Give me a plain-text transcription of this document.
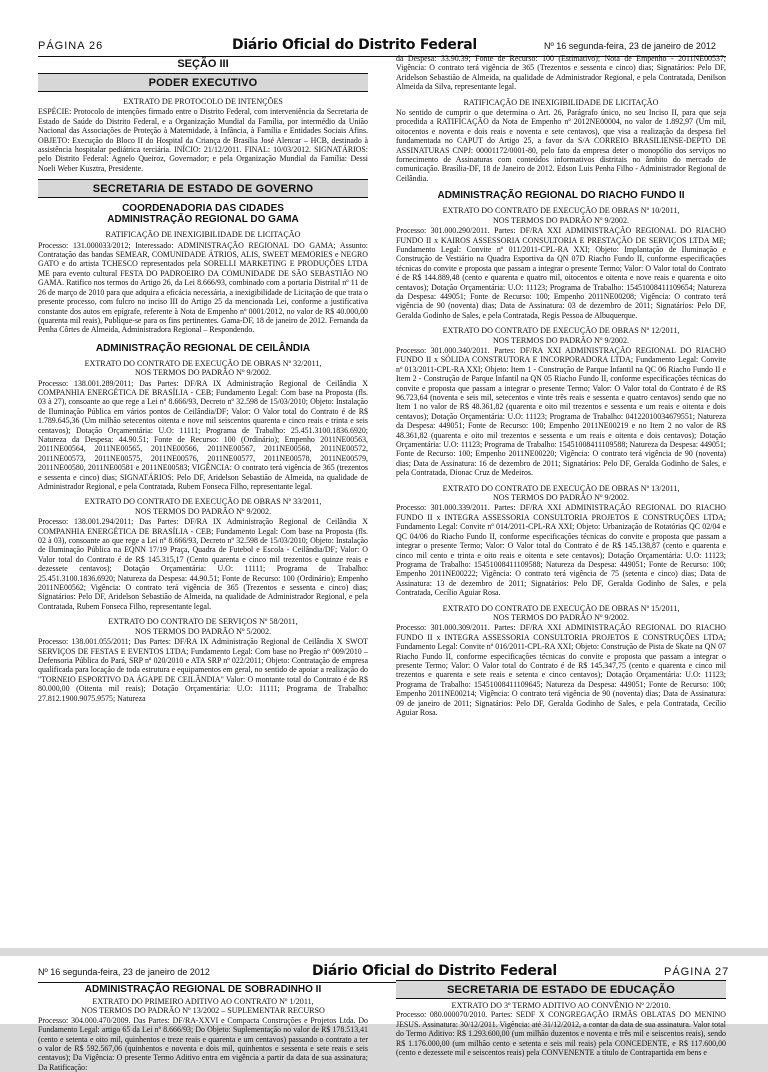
PÁGINA 26	Diário Oficial do Distrito Federal	Nº 16 segunda-feira, 23 de janeiro de 2012
SEÇÃO III
PODER EXECUTIVO
EXTRATO DE PROTOCOLO DE INTENÇÕES

ESPÉCIE: Protocolo de intenções firmado entre o Distrito Federal, com interveniência da Secretaria de Estado de Saúde do Distrito Federal, e a Organização Mundial da Família, por intermédio da União Nacional das Associações de Proteção à Maternidade, à Infância, à Família e Entidades Sociais Afins. OBJETO: Execução do Bloco II do Hospital da Criança de Brasília José Alencar – HCB, destinado à assistência hospitalar pediátrica terciária. INÍCIO: 21/12/2011. FINAL: 10/03/2012. SIGNATÁRIOS: pelo Distrito Federal: Agnelo Queiroz, Governador; e pela Organização Mundial da Família: Dessi Noeli Weber Kusztra, Presidente.

SECRETARIA DE ESTADO DE GOVERNO
COORDENADORIA DAS CIDADES
ADMINISTRAÇÃO REGIONAL DO GAMA
RATIFICAÇÃO DE INEXIGIBILIDADE DE LICITAÇÃO

Processo: 131.000033/2012; Interessado: ADMINISTRAÇÃO REGIONAL DO GAMA; Assunto: Contratação das bandas SEMEAR, COMUNIDADE ÁTRIOS, ALIS, SWEET MEMORIES e NEGRO GATO e do artista TCHESCO representados pela SORELLI MARKETING E PRODUÇÕES LTDA ME para evento cultural FESTA DO PADROEIRO DA COMUNIDADE DE SÃO SEBASTIÃO NO GAMA. Ratifico nos termos do Artigo 26, da Lei 8.666/93, combinado com a portaria Distrital nº 11 de 26 de março de 2010 para que adquira a eficácia necessária, a inexigibilidade de Licitação de que trata o presente processo, com fulcro no inciso III do Artigo 25 da mencionada Lei, conforme a justificativa constante dos autos em epígrafe, referente à Nota de Empenho nº 0001/2012, no valor de R$ 40.000,00 (quarenta mil reais), Publique-se para os fins pertinentes. Gama-DF, 18 de janeiro de 2012. Fernanda da Penha Côrtes de Almeida, Administradora Regional – Respondendo.

ADMINISTRAÇÃO REGIONAL DE CEILÂNDIA
EXTRATO DO CONTRATO DE EXECUÇÃO DE OBRAS Nº 32/2011,
NOS TERMOS DO PADRÃO Nº 9/2002.

Processo: 138.001.289/2011; Das Partes: DF/RA IX Administração Regional de Ceilândia X COMPANHIA ENERGÉTICA DE BRASÍLIA - CEB; Fundamento Legal: Com base na Proposta (fls. 03 à 27), consoante ao que rege a Lei nº 8.666/93, Decreto nº 32.598 de 15/03/2010; Objeto: Instalação de Iluminação Pública em vários pontos de Ceilândia/DF; Valor: O Valor total do Contrato é de R$ 1.789.645,36 (Um milhão setecentos oitenta e nove mil seiscentos quarenta e cinco reais e trinta e seis centavos); Dotação Orçamentária: U.O: 11111; Programa de Trabalho: 25.451.3100.1836.6920; Natureza da Despesa: 44.90.51; Fonte de Recurso: 100 (Ordinário); Empenho 2011NE00563, 2011NE00564, 2011NE00565, 2011NE00566, 2011NE00567, 2011NE00568, 2011NE00572, 2011NE00573, 2011NE00575, 2011NE00576, 2011NE00577, 2011NE00578, 2011NE00579, 2011NE00580, 2011NE00581 e 2011NE00583; VIGÊNCIA: O contrato terá vigência de 365 (trezentos e sessenta e cinco) dias; SIGNATÁRIOS: Pelo DF, Aridelson Sebastião de Almeida, na qualidade de Administrador Regional, e pela Contratada, Rubem Fonseca Filho, representante legal.

EXTRATO DO CONTRATO DE EXECUÇÃO DE OBRAS Nº 33/2011,
NOS TERMOS DO PADRÃO Nº 9/2002.

Processo: 138.001.294/2011; Das Partes: DF/RA IX Administração Regional de Ceilândia X COMPANHIA ENERGÉTICA DE BRASÍLIA - CEB; Fundamento Legal: Com base na Proposta (fls. 02 à 03), consoante ao que rege a Lei nº 8.666/93, Decreto nº 32.598 de 15/03/2010; Objeto: Instalação de Iluminação Pública na EQNN 17/19 Praça, Quadra de Futebol e Escola - Ceilândia/DF; Valor: O Valor total do Contrato é de R$ 145.315,17 (Cento quarenta e cinco mil trezentos e quinze reais e dezessete centavos); Dotação Orçamentária: U.O: 11111; Programa de Trabalho: 25.451.3100.1836.6920; Natureza da Despesa: 44.90.51; Fonte de Recurso: 100 (Ordinário); Empenho 2011NE00562; Vigência: O contrato terá vigência de 365 (Trezentos e sessenta e cinco) dias; Signatários: Pelo DF, Aridelson Sebastião de Almeida, na qualidade de Administrador Regional, e pela Contratada, Rubem Fonseca Filho, representante legal.

EXTRATO DO CONTRATO DE SERVIÇOS Nº 58/2011,
NOS TERMOS DO PADRÃO Nº 5/2002.

Processo: 138.001.055/2011; Das Partes: DF/RA IX Administração Regional de Ceilândia X SWOT SERVIÇOS DE FESTAS E EVENTOS LTDA; Fundamento Legal: Com base no Pregão nº 009/2010 – Defensoria Pública do Pará, SRP nº 020/2010 e ATA SRP nº 022/2011; Objeto: Contratação de empresa qualificada para locação de toda estrutura e equipamentos em geral, no sentido de apoiar a realização do "TORNEIO ESPORTIVO DA ÁGAPE DE CEILÂNDIA" Valor: O montante total do Contrato é de R$ 80.000,00 (Oitenta mil reais); Dotação Orçamentária: U.O: 11111; Programa de Trabalho: 27.812.1900.9075.9575; Natureza

da Despesa: 33.90.39; Fonte de Recurso: 100 (Estimativo); Nota de Empenho - 2011NE00537; Vigência: O contrato terá vigência de 365 (Trezentos e sessenta e cinco) dias; Signatários: Pelo DF, Aridelson Sebastião de Almeida, na qualidade de Administrador Regional, e pela Contratada, Denilson Almeida da Silva, representante legal.

RATIFICAÇÃO DE INEXIGIBILIDADE DE LICITAÇÃO

No sentido de cumprir o que determina o Art. 26, Parágrafo único, no seu Inciso II, para que seja procedida a RATIFICAÇÃO da Nota de Empenho nº 2012NE00004, no valor de 1.892,97 (Um mil, oitocentos e noventa e dois reais e noventa e sete centavos), que visa a realização da despesa fiel fundamentada no CAPUT do Artigo 25, a favor da S/A CORREIO BRASILIENSE-DEPTO DE ASSINATURAS CNPJ: 00001172/0001-80, pelo fato da empresa deter o monopólio dos serviços no fornecimento de Assinaturas com conteúdos informativos distritais no âmbito do mercado de comunicação. Brasília-DF, 18 de Janeiro de 2012. Edson Luis Penha Filho - Administrador Regional de Ceilândia.

ADMINISTRAÇÃO REGIONAL DO RIACHO FUNDO II
EXTRATO DO CONTRATO DE EXECUÇÃO DE OBRAS Nº 10/2011,
NOS TERMOS DO PADRÃO Nº 9/2002.

Processo: 301.000.290/2011. Partes: DF/RA XXI ADMINISTRAÇÃO REGIONAL DO RIACHO FUNDO II x KAIROS ASSESSORIA CONSULTORIA E PRESTAÇÃO DE SERVIÇOS LTDA ME; Fundamento Legal: Convite nº 011/2011-CPL-RA XXI; Objeto: Implantação de Iluminação e Construção de Vestiário na Quadra Esportiva da QN 07D Riacho Fundo II, conforme especificações técnicas do convite e proposta que passam a integrar o presente Termo; Valor: O Valor total do Contrato é de R$ 144.889,48 (cento e quarenta e quatro mil, oitocentos e oitenta e nove reais e quarenta e oito centavos); Dotação Orçamentária: U.O: 11123; Programa de Trabalho: 15451008411109654; Natureza da Despesa: 449051; Fonte de Recurso: 100; Empenho 2011NE00208; Vigência: O contrato terá vigência de 90 (noventa) dias; Data de Assinatura: 03 de dezembro de 2011; Signatários: Pelo DF, Geralda Godinho de Sales, e pela Contratada, Regis Pessoa de Albuquerque.

EXTRATO DO CONTRATO DE EXECUÇÃO DE OBRAS Nº 12/2011,
NOS TERMOS DO PADRÃO Nº 9/2002.

Processo: 301.000.340/2011. Partes: DF/RA XXI ADMINISTRAÇÃO REGIONAL DO RIACHO FUNDO II x SÓLIDA CONSTRUTORA E INCORPORADORA LTDA; Fundamento Legal: Convite nº 013/2011-CPL-RA XXI; Objeto: Item 1 - Construção de Parque Infantil na QC 06 Riacho Fundo II e Item 2 - Construção de Parque Infantil na QN 05 Riacho Fundo II, conforme especificações técnicas do convite e proposta que passam a integrar o presente Termo; Valor: O Valor total do Contrato é de R$ 96.723,64 (noventa e seis mil, setecentos e vinte três reais e sessenta e quatro centavos) sendo que no Item 1 no valor de R$ 48.361,82 (quarenta e oito mil trezentos e sessenta e um reais e oitenta e dois centavos); Dotação Orçamentária: U.O: 11123; Programa de Trabalho: 04122010034679551; Natureza da Despesa: 449051; Fonte de Recurso: 100; Empenho 2011NE00219 e no Item 2 no valor de R$ 48.361,82 (quarenta e oito mil trezentos e sessenta e um reais e oitenta e dois centavos); Dotação Orçamentária: U.O: 11123; Programa de Trabalho: 15451008411109588; Natureza da Despesa: 449051; Fonte de Recurso: 100; Empenho 2011NE00220; Vigência: O contrato terá vigência de 90 (noventa) dias; Data de Assinatura: 16 de dezembro de 2011; Signatários: Pelo DF, Geralda Godinho de Sales, e pela Contratada, Dionac Cruz de Medeiros.

EXTRATO DO CONTRATO DE EXECUÇÃO DE OBRAS Nº 13/2011,
NOS TERMOS DO PADRÃO Nº 9/2002.

Processo: 301.000.339/2011. Partes: DF/RA XXI ADMINISTRAÇÃO REGIONAL DO RIACHO FUNDO II x INTEGRA ASSESSORIA CONSULTORIA PROJETOS E CONSTRUÇÕES LTDA; Fundamento Legal: Convite nº 014/2011-CPL-RA XXI; Objeto: Urbanização de Rotatórias QC 02/04 e QC 04/06 do Riacho Fundo II, conforme especificações técnicas do convite e proposta que passam a integrar o presente Termo; Valor: O Valor total do Contrato é de R$ 145.138,87 (cento e quarenta e cinco mil cento e trinta e oito reais e oitenta e sete centavos); Dotação Orçamentária: U.O: 11123; Programa de Trabalho: 15451008411109588; Natureza da Despesa: 449051; Fonte de Recurso: 100; Empenho 2011NE00222; Vigência: O contrato terá vigência de 75 (setenta e cinco) dias; Data de Assinatura: 13 de dezembro de 2011; Signatários: Pelo DF, Geralda Godinho de Sales, e pela Contratada, Cecílio Aguiar Rosa.

EXTRATO DO CONTRATO DE EXECUÇÃO DE OBRAS Nº 15/2011,
NOS TERMOS DO PADRÃO Nº 9/2002.

Processo: 301.000.309/2011. Partes: DF/RA XXI ADMINISTRAÇÃO REGIONAL DO RIACHO FUNDO II x INTEGRA ASSESSORIA CONSULTORIA PROJETOS E CONSTRUÇÕES LTDA; Fundamento Legal: Convite nº 016/2011-CPL-RA XXI; Objeto: Construção de Pista de Skate na QN 07 Riacho Fundo II, conforme especificações técnicas do convite e proposta que passam a integrar o presente Termo; Valor: O Valor total do Contrato é de R$ 145.347,75 (cento e quarenta e cinco mil trezentos e quarenta e sete reais e setenta e cinco centavos); Dotação Orçamentária: U.O: 11123; Programa de Trabalho: 15451008411109645; Natureza da Despesa: 449051; Fonte de Recurso: 100; Empenho 2011NE00214; Vigência: O contrato terá vigência de 90 (noventa) dias; Data de Assinatura: 09 de janeiro de 2011; Signatários: Pelo DF, Geralda Godinho de Sales, e pela Contratada, Cecílio Aguiar Rosa.

Nº 16 segunda-feira, 23 de janeiro de 2012	Diário Oficial do Distrito Federal	PÁGINA 27
ADMINISTRAÇÃO REGIONAL DE SOBRADINHO II
EXTRATO DO PRIMEIRO ADITIVO AO CONTRATO Nº 1/2011,
NOS TERMOS DO PADRÃO Nº 13/2002 – SUPLEMENTAR RECURSO

Processo: 304.000.470/2009. Das Partes: DF/RA-XXVI e Compacta Construções e Projetos Ltda. Do Fundamento Legal: artigo 65 da Lei nº 8.666/93; Do Objeto: Suplementação no valor de R$ 178.513,41 (cento e setenta e oito mil, quinhentos e treze reais e quarenta e um centavos) passando o contrato a ter o valor de R$ 592.567,06 (quinhentos e noventa e dois mil, quinhentos e sessenta e sete reais e seis centavos); Da Vigência: O presente Termo Aditivo entra em vigência a partir da data de sua assinatura; Da Ratificação:

SECRETARIA DE ESTADO DE EDUCAÇÃO
EXTRATO DO 3º TERMO ADITIVO AO CONVÊNIO Nº 2/2010.

Processo: 080.000070/2010. Partes: SEDF X CONGREGAÇÃO IRMÃS OBLATAS DO MENINO JESUS. Assinatura: 30/12/2011. Vigência: até 31/12/2012, a contar da data de sua assinatura. Valor total do Termo Aditivo: R$ 1.293.600,00 (um milhão duzentos e noventa e três mil e seiscentos reais), sendo R$ 1.176.000,00 (um milhão cento e setenta e seis mil reais) pela CONCEDENTE, e R$ 117.600,00 (cento e dezessete mil e seiscentos reais) pela CONVENENTE a título de Contrapartida em bens e
